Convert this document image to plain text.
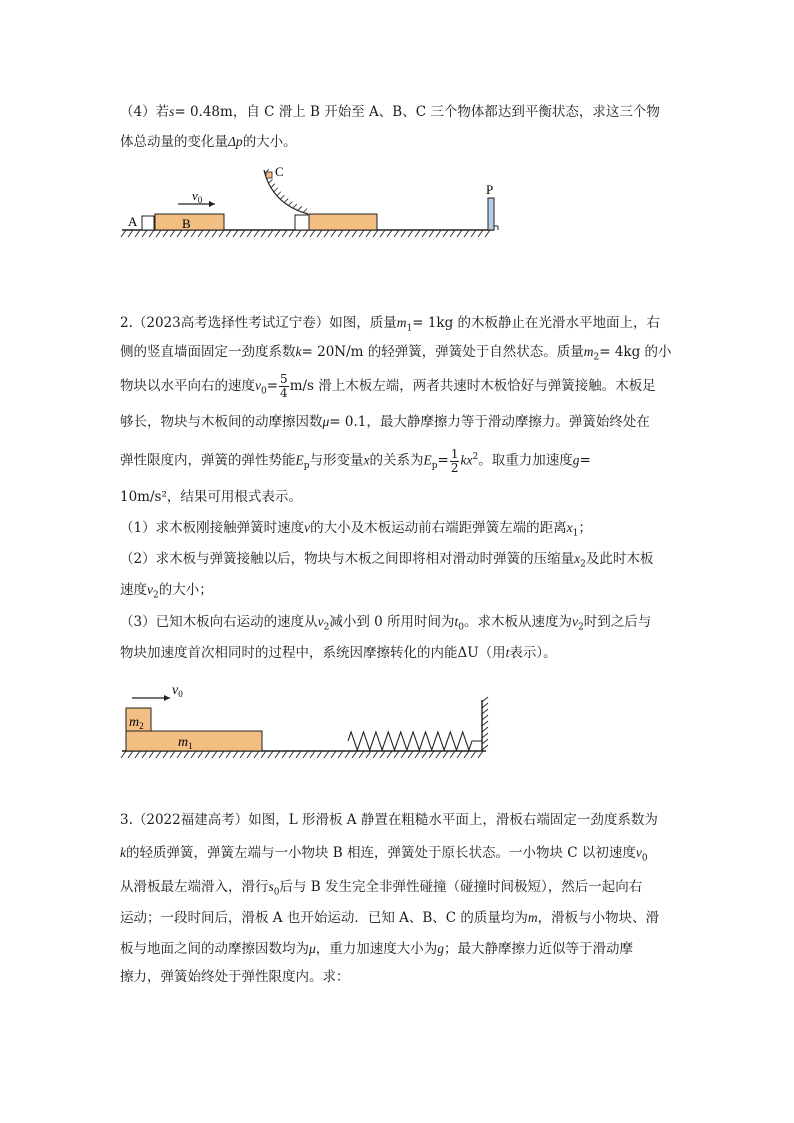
（4）若s= 0.48m，自 C 滑上 B 开始至 A、B、C 三个物体都达到平衡状态，求这三个物
体总动量的变化量Δp的大小。
$v_0$
A	B
C
P
2.（2023高考选择性考试辽宁卷）如图，质量$m_1= 1kg$ 的木板静止在光滑水平地面上，右
侧的竖直墙面固定一劲度系数k= 20N/m 的轻弹簧，弹簧处于自然状态。质量$m_2= 4kg$ 的小
物块以水平向右的速度$v_0= \frac{5}{4} m/s$ 滑上木板左端，两者共速时木板恰好与弹簧接触。木板足
够长，物块与木板间的动摩擦因数μ= 0.1，最大静摩擦力等于滑动摩擦力。弹簧始终处在
弹性限度内，弹簧的弹性势能$E_p$与形变量x的关系为$E_p= \frac{1}{2} kx^2$。取重力加速度g=
10m/s²，结果可用根式表示。
（1）求木板刚接触弹簧时速度v的大小及木板运动前右端距弹簧左端的距离$x_1$；
（2）求木板与弹簧接触以后，物块与木板之间即将相对滑动时弹簧的压缩量$x_2$及此时木板
速度$v_2$的大小；
（3）已知木板向右运动的速度从$v_2$减小到 0 所用时间为$t_0$。求木板从速度为$v_2$时到之后与
物块加速度首次相同时的过程中，系统因摩擦转化的内能ΔU（用t表示）。
$m_2$
$m_1$
$v_0$
3.（2022福建高考）如图，L 形滑板 A 静置在粗糙水平面上，滑板右端固定一劲度系数为
k的轻质弹簧，弹簧左端与一小物块 B 相连，弹簧处于原长状态。一小物块 C 以初速度$v_0$
从滑板最左端滑入，滑行$s_0$后与 B 发生完全非弹性碰撞（碰撞时间极短），然后一起向右
运动；一段时间后，滑板 A 也开始运动．已知 A、B、C 的质量均为m，滑板与小物块、滑
板与地面之间的动摩擦因数均为μ，重力加速度大小为g；最大静摩擦力近似等于滑动摩
擦力，弹簧始终处于弹性限度内。求：
